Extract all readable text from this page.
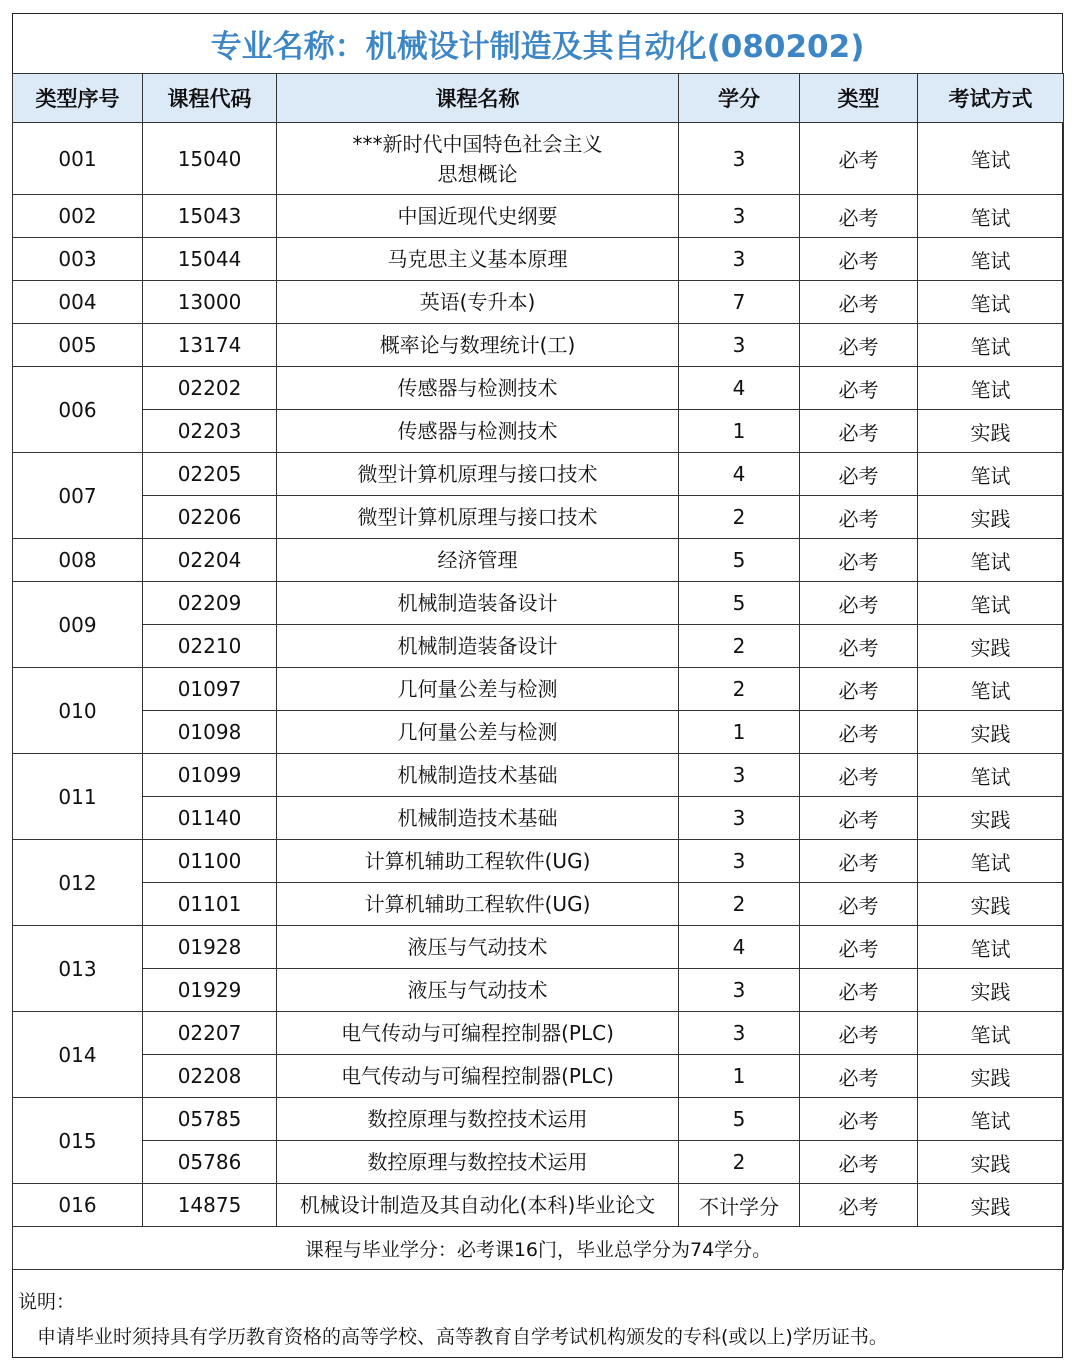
专业名称：机械设计制造及其自动化(080202)
类型序号	课程代码	课程名称	学分	类型	考试方式
001	15040	***新时代中国特色社会主义
思想概论	3	必考	笔试
002	15043	中国近现代史纲要	3	必考	笔试
003	15044	马克思主义基本原理	3	必考	笔试
004	13000	英语(专升本)	7	必考	笔试
005	13174	概率论与数理统计(工)	3	必考	笔试
006	02202	传感器与检测技术	4	必考	笔试
	02203	传感器与检测技术	1	必考	实践
007	02205	微型计算机原理与接口技术	4	必考	笔试
	02206	微型计算机原理与接口技术	2	必考	实践
008	02204	经济管理	5	必考	笔试
009	02209	机械制造装备设计	5	必考	笔试
	02210	机械制造装备设计	2	必考	实践
010	01097	几何量公差与检测	2	必考	笔试
	01098	几何量公差与检测	1	必考	实践
011	01099	机械制造技术基础	3	必考	笔试
	01140	机械制造技术基础	3	必考	实践
012	01100	计算机辅助工程软件(UG)	3	必考	笔试
	01101	计算机辅助工程软件(UG)	2	必考	实践
013	01928	液压与气动技术	4	必考	笔试
	01929	液压与气动技术	3	必考	实践
014	02207	电气传动与可编程控制器(PLC)	3	必考	笔试
	02208	电气传动与可编程控制器(PLC)	1	必考	实践
015	05785	数控原理与数控技术运用	5	必考	笔试
	05786	数控原理与数控技术运用	2	必考	实践
016	14875	机械设计制造及其自动化(本科)毕业论文	不计学分	必考	实践
课程与毕业学分：必考课16门，毕业总学分为74学分。					
说明：
申请毕业时须持具有学历教育资格的高等学校、高等教育自学考试机构颁发的专科(或以上)学历证书。
